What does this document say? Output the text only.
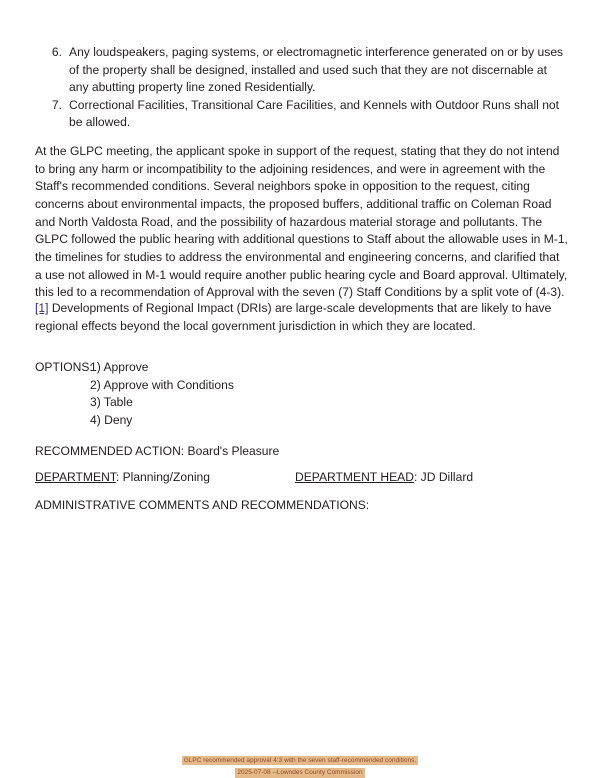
6. Any loudspeakers, paging systems, or electromagnetic interference generated on or by uses of the property shall be designed, installed and used such that they are not discernable at any abutting property line zoned Residentially.
7. Correctional Facilities, Transitional Care Facilities, and Kennels with Outdoor Runs shall not be allowed.

At the GLPC meeting, the applicant spoke in support of the request, stating that they do not intend to bring any harm or incompatibility to the adjoining residences, and were in agreement with the Staff's recommended conditions. Several neighbors spoke in opposition to the request, citing concerns about environmental impacts, the proposed buffers, additional traffic on Coleman Road and North Valdosta Road, and the possibility of hazardous material storage and pollutants. The GLPC followed the public hearing with additional questions to Staff about the allowable uses in M-1, the timelines for studies to address the environmental and engineering concerns, and clarified that a use not allowed in M-1 would require another public hearing cycle and Board approval. Ultimately, this led to a recommendation of Approval with the seven (7) Staff Conditions by a split vote of (4-3).

[1] Developments of Regional Impact (DRIs) are large-scale developments that are likely to have regional effects beyond the local government jurisdiction in which they are located.

OPTIONS:
1) Approve
2) Approve with Conditions
3) Table
4) Deny
RECOMMENDED ACTION: Board's Pleasure
DEPARTMENT: Planning/Zoning	DEPARTMENT HEAD: JD Dillard
ADMINISTRATIVE COMMENTS AND RECOMMENDATIONS:
GLPC recommended approval 4:3 with the seven staff-recommended conditions.
2025-07-08 --Lowndes County Commission
